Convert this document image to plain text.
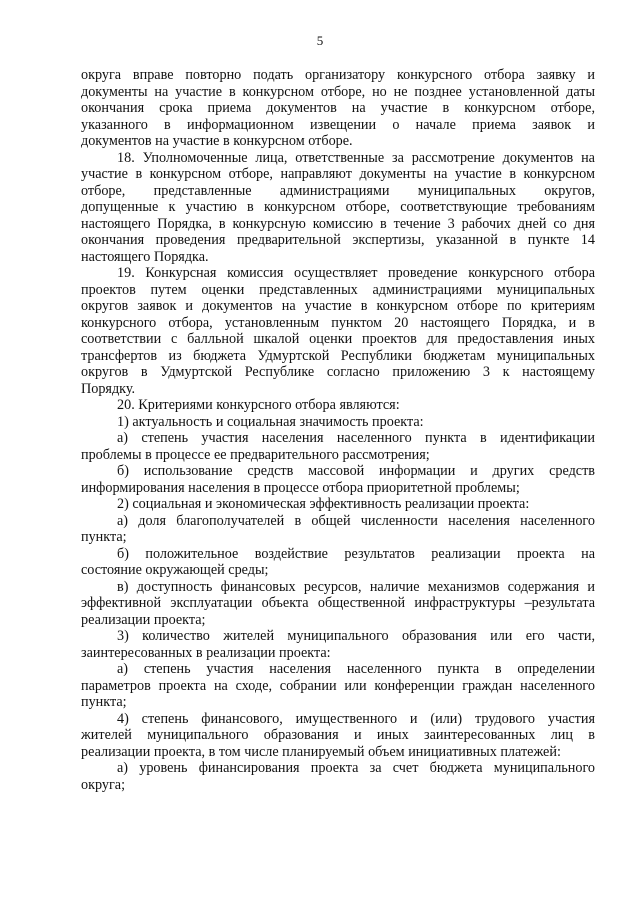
5
округа вправе повторно подать организатору конкурсного отбора заявку и
документы на участие в конкурсном отборе, но не позднее установленной даты
окончания срока приема документов на участие в конкурсном отборе,
указанного в информационном извещении о начале приема заявок и
документов на участие в конкурсном отборе.
18. Уполномоченные лица, ответственные за рассмотрение документов на
участие в конкурсном отборе, направляют документы на участие в конкурсном
отборе, представленные администрациями муниципальных округов,
допущенные к участию в конкурсном отборе, соответствующие требованиям
настоящего Порядка, в конкурсную комиссию в течение 3 рабочих дней со дня
окончания проведения предварительной экспертизы, указанной в пункте 14
настоящего Порядка.
19. Конкурсная комиссия осуществляет проведение конкурсного отбора
проектов путем оценки представленных администрациями муниципальных
округов заявок и документов на участие в конкурсном отборе по критериям
конкурсного отбора, установленным пунктом 20 настоящего Порядка, и в
соответствии с балльной шкалой оценки проектов для предоставления иных
трансфертов из бюджета Удмуртской Республики бюджетам муниципальных
округов в Удмуртской Республике согласно приложению 3 к настоящему
Порядку.
20. Критериями конкурсного отбора являются:
1) актуальность и социальная значимость проекта:
а) степень участия населения населенного пункта в идентификации
проблемы в процессе ее предварительного рассмотрения;
б) использование средств массовой информации и других средств
информирования населения в процессе отбора приоритетной проблемы;
2) социальная и экономическая эффективность реализации проекта:
а) доля благополучателей в общей численности населения населенного
пункта;
б) положительное воздействие результатов реализации проекта на
состояние окружающей среды;
в) доступность финансовых ресурсов, наличие механизмов содержания и
эффективной эксплуатации объекта общественной инфраструктуры –результата
реализации проекта;
3) количество жителей муниципального образования или его части,
заинтересованных в реализации проекта:
а) степень участия населения населенного пункта в определении
параметров проекта на сходе, собрании или конференции граждан населенного
пункта;
4) степень финансового, имущественного и (или) трудового участия
жителей муниципального образования и иных заинтересованных лиц в
реализации проекта, в том числе планируемый объем инициативных платежей:
а) уровень финансирования проекта за счет бюджета муниципального
округа;
